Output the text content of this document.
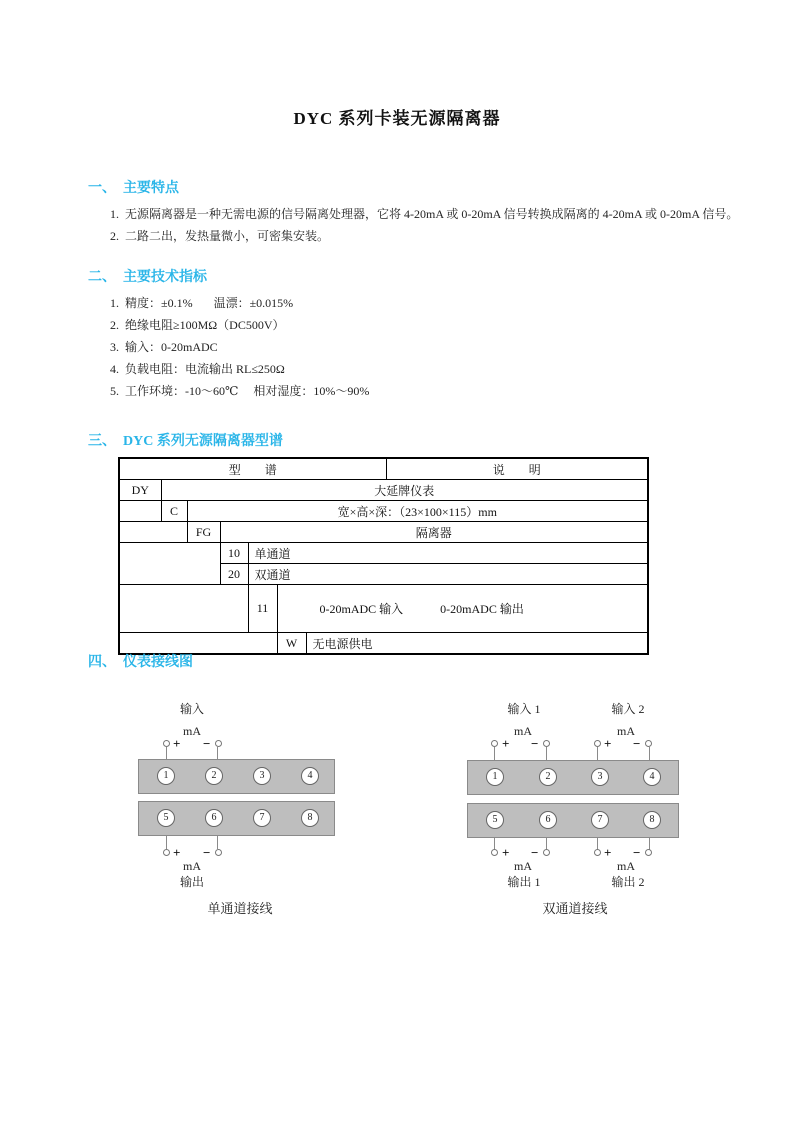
DYC 系列卡装无源隔离器
一、  主要特点
1.  无源隔离器是一种无需电源的信号隔离处理器，它将 4-20mA 或 0-20mA 信号转换成隔离的 4-20mA 或 0-20mA 信号。
2.  二路二出，发热量微小，可密集安装。
二、  主要技术指标
1.  精度：±0.1%       温漂：±0.015%
2.  绝缘电阻≥100MΩ（DC500V）
3.  输入：0-20mADC
4.  负载电阻：电流输出 RL≤250Ω
5.  工作环境：-10～60℃     相对湿度：10%～90%
三、  DYC 系列无源隔离器型谱
型　　谱							说　　明
DY	大延牌仪表						
	C	宽×高×深：（23×100×115）mm					
		FG	隔离器				
			10	单通道			
			20	双通道			
				11	0-20mADC 输入 0-20mADC 输出		

					W	无电源供电	
四、  仪表接线图
输入
mA
+ −
1	2	3	4
5	6	7	8
+ −
mA
输出
单通道接线
输入 1	输入 2
mA	mA
+ −	+ −
1	2	3	4
5	6	7	8
+ −	+ −
mA	mA
输出 1	输出 2
双通道接线
